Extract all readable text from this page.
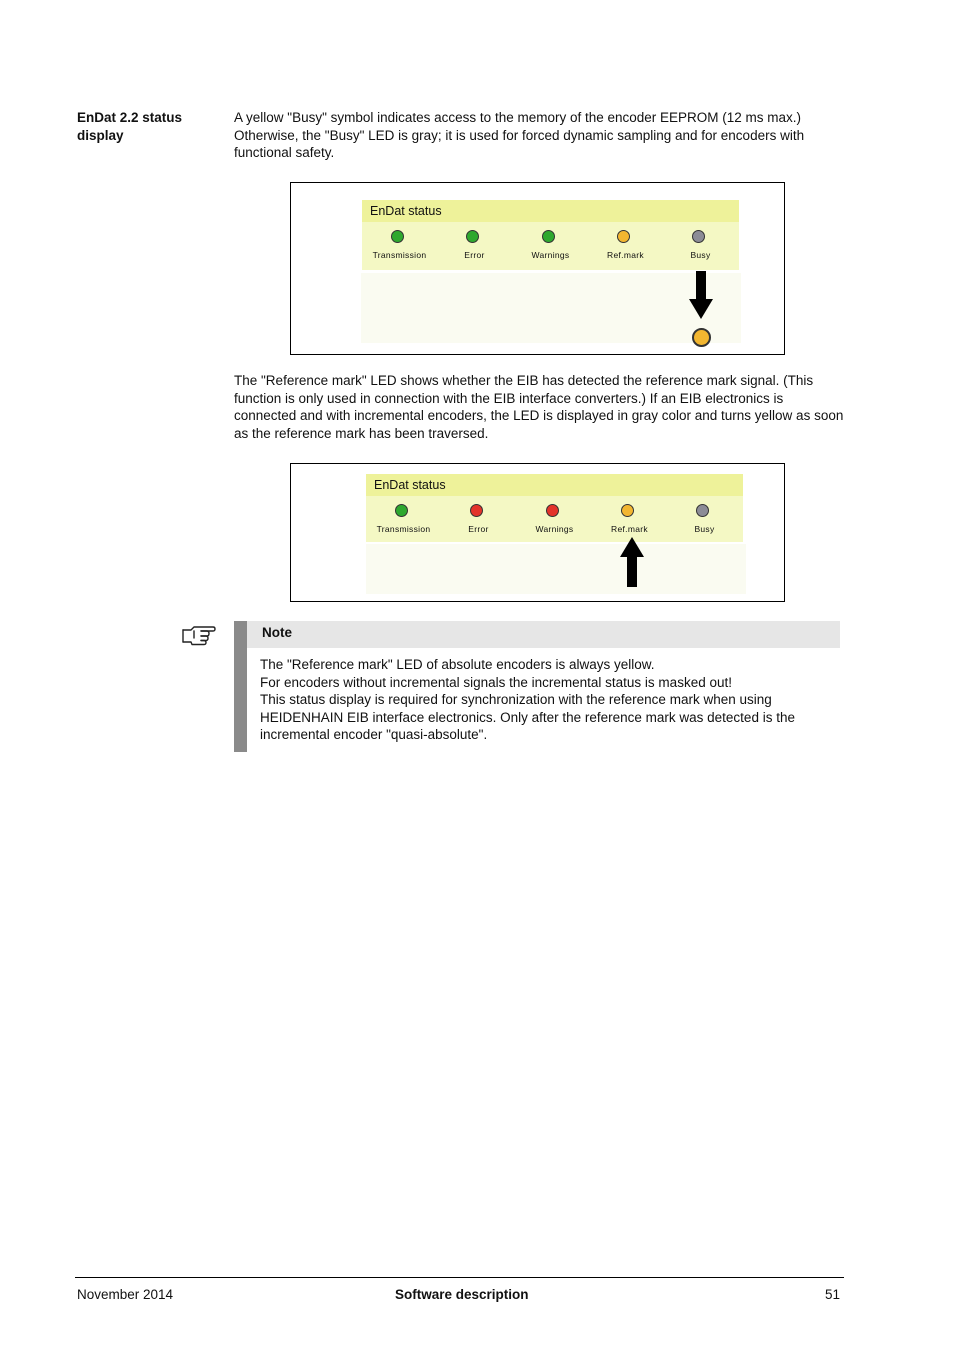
EnDat 2.2 status display
A yellow "Busy" symbol indicates access to the memory of the encoder EEPROM (12 ms max.) Otherwise, the "Busy" LED is gray; it is used for forced dynamic sampling and for encoders with functional safety.
EnDat status
Transmission	Error	Warnings	Ref.mark	Busy
The "Reference mark" LED shows whether the EIB has detected the reference mark signal. (This function is only used in connection with the EIB interface converters.) If an EIB electronics is connected and with incremental encoders, the LED is displayed in gray color and turns yellow as soon as the reference mark has been traversed.
EnDat status
Transmission	Error	Warnings	Ref.mark	Busy
Note
The "Reference mark" LED of absolute encoders is always yellow.
For encoders without incremental signals the incremental status is masked out!
This status display is required for synchronization with the reference mark when using
HEIDENHAIN EIB interface electronics. Only after the reference mark was detected is the
incremental encoder "quasi-absolute".
November 2014	Software description	51
